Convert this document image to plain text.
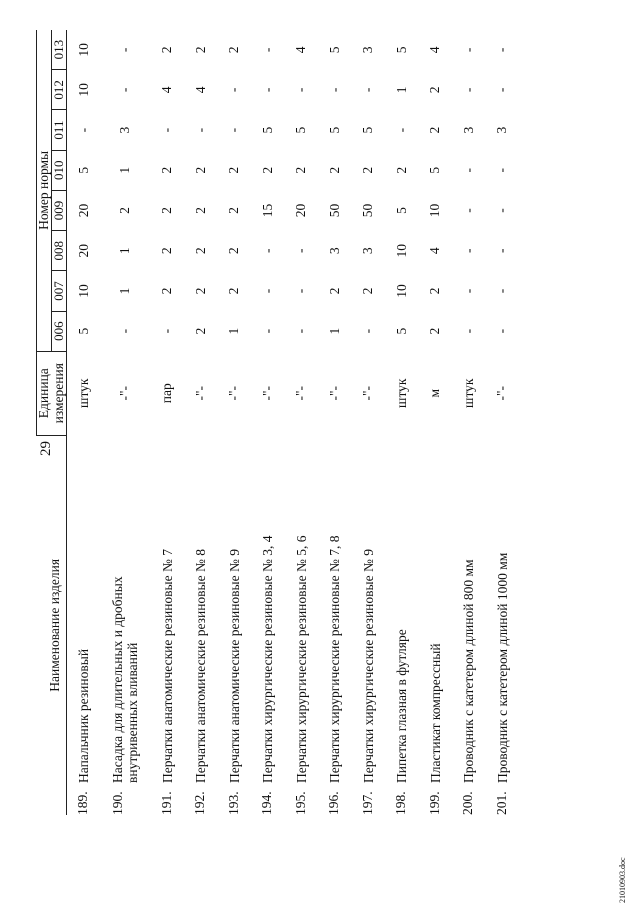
29
Наименование изделия	Единица
измерения	Номер нормы							
		006	007	008	009	010	011	012	013
189.Напальчник резиновый	штук	5	10	20	20	5	-	10	10
190.Насадка для длительных и дробных внутривенных вливаний	-"-	-	1	1	2	1	3	-	-
191.Перчатки анатомические резиновые № 7	пар	-	2	2	2	2	-	4	2
192.Перчатки анатомические резиновые № 8	-"-	2	2	2	2	2	-	4	2
193.Перчатки анатомические резиновые № 9	-"-	1	2	2	2	2	-	-	2
194.Перчатки хирургические резиновые № 3, 4	-"-	-	-	-	15	2	5	-	-
195.Перчатки хирургические резиновые № 5, 6	-"-	-	-	-	20	2	5	-	4
196.Перчатки хирургические резиновые № 7, 8	-"-	1	2	3	50	2	5	-	5
197.Перчатки хирургические резиновые № 9	-"-	-	2	3	50	2	5	-	3
198.Пипетка глазная в футляре	штук	5	10	10	5	2	-	1	5
199.Пластикат компрессный	м	2	2	4	10	5	2	2	4
200.Проводник с катетером длиной 800 мм	штук	-	-	-	-	-	3	-	-
201.Проводник с катетером длиной 1000 мм	-"-	-	-	-	-	-	3	-	-
21010903.doc
